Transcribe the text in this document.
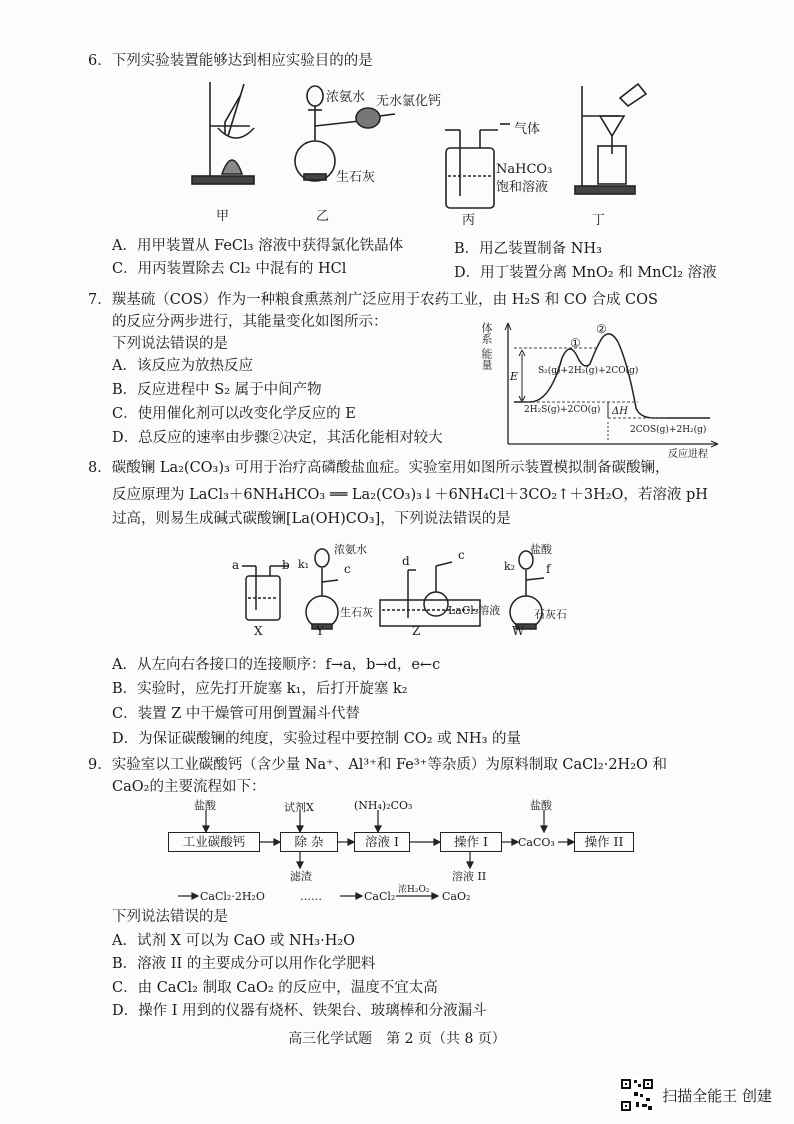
6．下列实验装置能够达到相应实验目的的是
浓氨水 无水氯化钙
生石灰
气体
NaHCO₃
饱和溶液
甲	乙	丙	丁
A．用甲装置从 FeCl₃ 溶液中获得氯化铁晶体	B．用乙装置制备 NH₃
C．用丙装置除去 Cl₂ 中混有的 HCl	D．用丁装置分离 MnO₂ 和 MnCl₂ 溶液
7．羰基硫（COS）作为一种粮食熏蒸剂广泛应用于农药工业，由 H₂S 和 CO 合成 COS
的反应分两步进行，其能量变化如图所示：
下列说法错误的是
A．该反应为放热反应
B．反应进程中 S₂ 属于中间产物
C．使用催化剂可以改变化学反应的 E
D．总反应的速率由步骤②决定，其活化能相对较大
体系
能量
①
②
E S₂(g)+2H₂(g)+2CO(g)
2H₂S(g)+2CO(g) ΔH
2COS(g)+2H₂(g)
反应进程
8．碳酸镧 La₂(CO₃)₃ 可用于治疗高磷酸盐血症。实验室用如图所示装置模拟制备碳酸镧，
反应原理为 LaCl₃＋6NH₄HCO₃ ══ La₂(CO₃)₃↓＋6NH₄Cl＋3CO₂↑＋3H₂O，若溶液 pH
过高，则易生成碱式碳酸镧[La(OH)CO₃]，下列说法错误的是
a	b k₁	c
浓氨水
d	c	盐酸
k₂	f
生石灰	LaCl₃溶液	石灰石
X	Y	Z	W
A．从左向右各接口的连接顺序：f→a，b→d，e←c
B．实验时，应先打开旋塞 k₁，后打开旋塞 k₂
C．装置 Z 中干燥管可用倒置漏斗代替
D．为保证碳酸镧的纯度，实验过程中要控制 CO₂ 或 NH₃ 的量
9．实验室以工业碳酸钙（含少量 Na⁺、Al³⁺和 Fe³⁺等杂质）为原料制取 CaCl₂·2H₂O 和
CaO₂的主要流程如下：
盐酸	试剂X	(NH₄)₂CO₃	盐酸
工业碳酸钙	除 杂	溶液 I	操作 I	CaCO₃	操作 II
滤渣	溶液 II
CaCl₂·2H₂O	……	CaCl₂ 浓H₂O₂ CaO₂
下列说法错误的是
A．试剂 X 可以为 CaO 或 NH₃·H₂O
B．溶液 II 的主要成分可以用作化学肥料
C．由 CaCl₂ 制取 CaO₂ 的反应中，温度不宜太高
D．操作 I 用到的仪器有烧杯、铁架台、玻璃棒和分液漏斗
高三化学试题　第 2 页（共 8 页）
扫描全能王 创建
